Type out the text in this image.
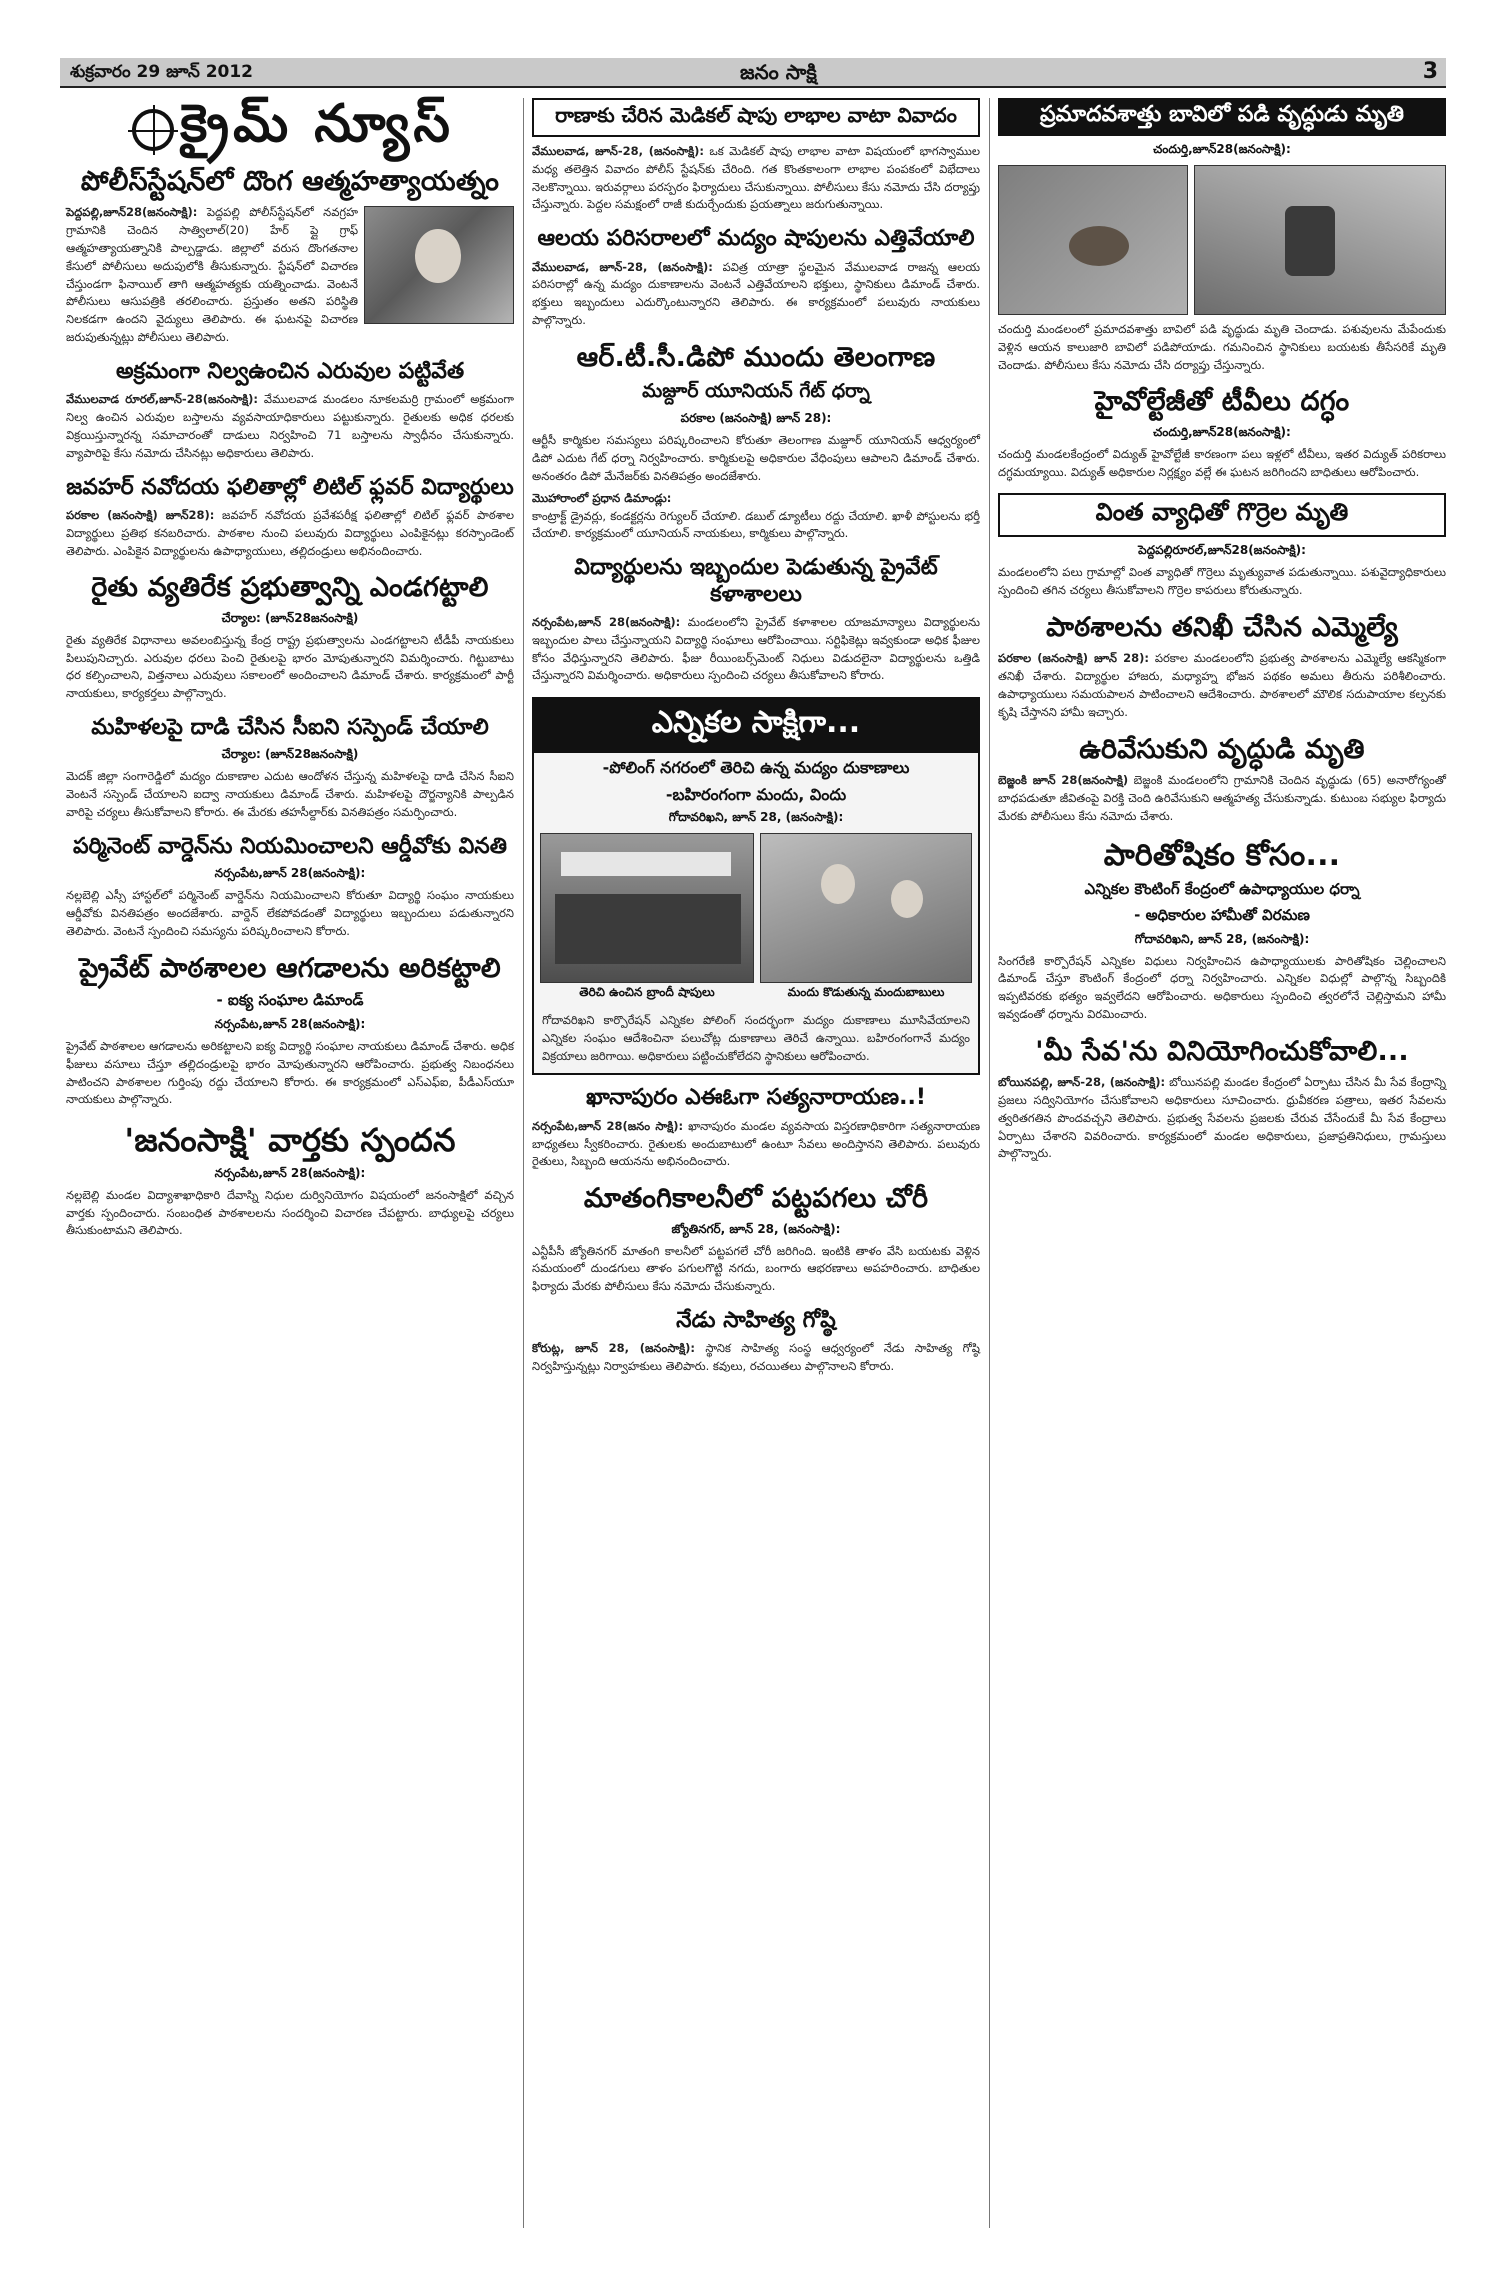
శుక్రవారం 29 జూన్ 2012	జనం సాక్షి	3
క్రైమ్ న్యూస్
పోలీస్‌స్టేషన్‌లో దొంగ ఆత్మహత్యాయత్నం
పెద్దపల్లి,జూన్28(జనంసాక్షి): పెద్దపల్లి పోలీస్‌స్టేషన్‌లో నవగ్రహ గ్రామానికి చెందిన సాత్విలాల్(20) హేర్ ప్లై గ్రాఫ్ ఆత్మహత్యాయత్నానికి పాల్పడ్డాడు. జిల్లాలో వరుస దొంగతనాల కేసులో పోలీసులు అదుపులోకి తీసుకున్నారు. స్టేషన్‌లో విచారణ చేస్తుండగా ఫినాయిల్ తాగి ఆత్మహత్యకు యత్నించాడు. వెంటనే పోలీసులు ఆసుపత్రికి తరలించారు. ప్రస్తుతం అతని పరిస్థితి నిలకడగా ఉందని వైద్యులు తెలిపారు. ఈ ఘటనపై విచారణ జరుపుతున్నట్లు పోలీసులు తెలిపారు.
అక్రమంగా నిల్వఉంచిన ఎరువుల పట్టివేత
వేములవాడ రూరల్,జూన్-28(జనంసాక్షి): వేములవాడ మండలం నూకలమర్రి గ్రామంలో అక్రమంగా నిల్వ ఉంచిన ఎరువుల బస్తాలను వ్యవసాయాధికారులు పట్టుకున్నారు. రైతులకు అధిక ధరలకు విక్రయిస్తున్నారన్న సమాచారంతో దాడులు నిర్వహించి 71 బస్తాలను స్వాధీనం చేసుకున్నారు. వ్యాపారిపై కేసు నమోదు చేసినట్లు అధికారులు తెలిపారు.
జవహర్ నవోదయ ఫలితాల్లో లిటిల్ ఫ్లవర్ విద్యార్థులు
పరకాల (జనంసాక్షి) జూన్28): జవహర్ నవోదయ ప్రవేశపరీక్ష ఫలితాల్లో లిటిల్ ఫ్లవర్ పాఠశాల విద్యార్థులు ప్రతిభ కనబరిచారు. పాఠశాల నుంచి పలువురు విద్యార్థులు ఎంపికైనట్లు కరస్పాండెంట్ తెలిపారు. ఎంపికైన విద్యార్థులను ఉపాధ్యాయులు, తల్లిదండ్రులు అభినందించారు.
రైతు వ్యతిరేక ప్రభుత్వాన్ని ఎండగట్టాలి
చేర్యాల: (జూన్28జనంసాక్షి)
రైతు వ్యతిరేక విధానాలు అవలంబిస్తున్న కేంద్ర రాష్ట్ర ప్రభుత్వాలను ఎండగట్టాలని టీడీపీ నాయకులు పిలుపునిచ్చారు. ఎరువుల ధరలు పెంచి రైతులపై భారం మోపుతున్నారని విమర్శించారు. గిట్టుబాటు ధర కల్పించాలని, విత్తనాలు ఎరువులు సకాలంలో అందించాలని డిమాండ్ చేశారు. కార్యక్రమంలో పార్టీ నాయకులు, కార్యకర్తలు పాల్గొన్నారు.
మహిళలపై దాడి చేసిన సీఐని సస్పెండ్ చేయాలి
చేర్యాల: (జూన్28జనంసాక్షి)
మెదక్ జిల్లా సంగారెడ్డిలో మద్యం దుకాణాల ఎదుట ఆందోళన చేస్తున్న మహిళలపై దాడి చేసిన సీఐని వెంటనే సస్పెండ్ చేయాలని ఐద్వా నాయకులు డిమాండ్ చేశారు. మహిళలపై దౌర్జన్యానికి పాల్పడిన వారిపై చర్యలు తీసుకోవాలని కోరారు. ఈ మేరకు తహసీల్దార్‌కు వినతిపత్రం సమర్పించారు.
పర్మినెంట్ వార్డెన్‌ను నియమించాలని ఆర్డీవోకు వినతి
నర్సంపేట,జూన్ 28(జనంసాక్షి):
నల్లబెల్లి ఎస్సీ హాస్టల్‌లో పర్మినెంట్ వార్డెన్‌ను నియమించాలని కోరుతూ విద్యార్థి సంఘం నాయకులు ఆర్డీవోకు వినతిపత్రం అందజేశారు. వార్డెన్ లేకపోవడంతో విద్యార్థులు ఇబ్బందులు పడుతున్నారని తెలిపారు. వెంటనే స్పందించి సమస్యను పరిష్కరించాలని కోరారు.
ప్రైవేట్ పాఠశాలల ఆగడాలను అరికట్టాలి
- ఐక్య సంఘాల డిమాండ్
నర్సంపేట,జూన్ 28(జనంసాక్షి):
ప్రైవేట్ పాఠశాలల ఆగడాలను అరికట్టాలని ఐక్య విద్యార్థి సంఘాల నాయకులు డిమాండ్ చేశారు. అధిక ఫీజులు వసూలు చేస్తూ తల్లిదండ్రులపై భారం మోపుతున్నారని ఆరోపించారు. ప్రభుత్వ నిబంధనలు పాటించని పాఠశాలల గుర్తింపు రద్దు చేయాలని కోరారు. ఈ కార్యక్రమంలో ఎస్‌ఎఫ్‌ఐ, పీడీఎస్‌యూ నాయకులు పాల్గొన్నారు.
'జనంసాక్షి' వార్తకు స్పందన
నర్సంపేట,జూన్ 28(జనంసాక్షి):
నల్లబెల్లి మండల విద్యాశాఖాధికారి దేవాస్ని నిధుల దుర్వినియోగం విషయంలో జనంసాక్షిలో వచ్చిన వార్తకు స్పందించారు. సంబంధిత పాఠశాలలను సందర్శించి విచారణ చేపట్టారు. బాధ్యులపై చర్యలు తీసుకుంటామని తెలిపారు.
రాణాకు చేరిన మెడికల్ షాపు లాభాల వాటా వివాదం
వేములవాడ, జూన్-28, (జనంసాక్షి): ఒక మెడికల్ షాపు లాభాల వాటా విషయంలో భాగస్వాముల మధ్య తలెత్తిన వివాదం పోలీస్ స్టేషన్‌కు చేరింది. గత కొంతకాలంగా లాభాల పంపకంలో విభేదాలు నెలకొన్నాయి. ఇరువర్గాలు పరస్పరం ఫిర్యాదులు చేసుకున్నాయి. పోలీసులు కేసు నమోదు చేసి దర్యాప్తు చేస్తున్నారు. పెద్దల సమక్షంలో రాజీ కుదుర్చేందుకు ప్రయత్నాలు జరుగుతున్నాయి.
ఆలయ పరిసరాలలో మద్యం షాపులను ఎత్తివేయాలి
వేములవాడ, జూన్-28, (జనంసాక్షి): పవిత్ర యాత్రా స్థలమైన వేములవాడ రాజన్న ఆలయ పరిసరాల్లో ఉన్న మద్యం దుకాణాలను వెంటనే ఎత్తివేయాలని భక్తులు, స్థానికులు డిమాండ్ చేశారు. భక్తులు ఇబ్బందులు ఎదుర్కొంటున్నారని తెలిపారు. ఈ కార్యక్రమంలో పలువురు నాయకులు పాల్గొన్నారు.
ఆర్.టీ.సీ.డిపో ముందు తెలంగాణ
మజ్దూర్ యూనియన్ గేట్ ధర్నా
పరకాల (జనంసాక్షి) జూన్ 28):
ఆర్టీసీ కార్మికుల సమస్యలు పరిష్కరించాలని కోరుతూ తెలంగాణ మజ్దూర్ యూనియన్ ఆధ్వర్యంలో డిపో ఎదుట గేట్ ధర్నా నిర్వహించారు. కార్మికులపై అధికారుల వేధింపులు ఆపాలని డిమాండ్ చేశారు. అనంతరం డిపో మేనేజర్‌కు వినతిపత్రం అందజేశారు.
మొహారాంలో ప్రధాన డిమాండ్లు:
కాంట్రాక్ట్ డ్రైవర్లు, కండక్టర్లను రెగ్యులర్ చేయాలి. డబుల్ డ్యూటీలు రద్దు చేయాలి. ఖాళీ పోస్టులను భర్తీ చేయాలి. కార్యక్రమంలో యూనియన్ నాయకులు, కార్మికులు పాల్గొన్నారు.
విద్యార్థులను ఇబ్బందుల పెడుతున్న ప్రైవేట్ కళాశాలలు
నర్సంపేట,జూన్ 28(జనంసాక్షి): మండలంలోని ప్రైవేట్ కళాశాలల యాజమాన్యాలు విద్యార్థులను ఇబ్బందుల పాలు చేస్తున్నాయని విద్యార్థి సంఘాలు ఆరోపించాయి. సర్టిఫికెట్లు ఇవ్వకుండా అధిక ఫీజుల కోసం వేధిస్తున్నారని తెలిపారు. ఫీజు రీయింబర్స్‌మెంట్ నిధులు విడుదలైనా విద్యార్థులను ఒత్తిడి చేస్తున్నారని విమర్శించారు. అధికారులు స్పందించి చర్యలు తీసుకోవాలని కోరారు.
ఎన్నికల సాక్షిగా...
-పోలింగ్ నగరంలో తెరిచి ఉన్న మద్యం దుకాణాలు
-బహిరంగంగా మందు, విందు
గోదావరిఖని, జూన్ 28, (జనంసాక్షి):
తెరిచి ఉంచిన బ్రాందీ షాపులు	మందు కొడుతున్న మందుబాబులు
గోదావరిఖని కార్పొరేషన్ ఎన్నికల పోలింగ్ సందర్భంగా మద్యం దుకాణాలు మూసివేయాలని ఎన్నికల సంఘం ఆదేశించినా పలుచోట్ల దుకాణాలు తెరిచే ఉన్నాయి. బహిరంగంగానే మద్యం విక్రయాలు జరిగాయి. అధికారులు పట్టించుకోలేదని స్థానికులు ఆరోపించారు.
ఖానాపురం ఎఈఓగా సత్యనారాయణ..!
నర్సంపేట,జూన్ 28(జనం సాక్షి): ఖానాపురం మండల వ్యవసాయ విస్తరణాధికారిగా సత్యనారాయణ బాధ్యతలు స్వీకరించారు. రైతులకు అందుబాటులో ఉంటూ సేవలు అందిస్తానని తెలిపారు. పలువురు రైతులు, సిబ్బంది ఆయనను అభినందించారు.
మాతంగికాలనీలో పట్టపగలు చోరీ
జ్యోతినగర్, జూన్ 28, (జనంసాక్షి):
ఎన్టీపీసీ జ్యోతినగర్ మాతంగి కాలనీలో పట్టపగలే చోరీ జరిగింది. ఇంటికి తాళం వేసి బయటకు వెళ్లిన సమయంలో దుండగులు తాళం పగులగొట్టి నగదు, బంగారు ఆభరణాలు అపహరించారు. బాధితుల ఫిర్యాదు మేరకు పోలీసులు కేసు నమోదు చేసుకున్నారు.
నేడు సాహిత్య గోష్ఠి
కోరుట్ల, జూన్ 28, (జనంసాక్షి): స్థానిక సాహిత్య సంస్థ ఆధ్వర్యంలో నేడు సాహిత్య గోష్ఠి నిర్వహిస్తున్నట్లు నిర్వాహకులు తెలిపారు. కవులు, రచయితలు పాల్గొనాలని కోరారు.
ప్రమాదవశాత్తు బావిలో పడి వృద్ధుడు మృతి
చందుర్తి,జూన్28(జనంసాక్షి):
చందుర్తి మండలంలో ప్రమాదవశాత్తు బావిలో పడి వృద్ధుడు మృతి చెందాడు. పశువులను మేపేందుకు వెళ్లిన ఆయన కాలుజారి బావిలో పడిపోయాడు. గమనించిన స్థానికులు బయటకు తీసేసరికే మృతి చెందాడు. పోలీసులు కేసు నమోదు చేసి దర్యాప్తు చేస్తున్నారు.
హైవోల్టేజీతో టీవీలు దగ్ధం
చందుర్తి,జూన్28(జనంసాక్షి):
చందుర్తి మండలకేంద్రంలో విద్యుత్ హైవోల్టేజీ కారణంగా పలు ఇళ్లలో టీవీలు, ఇతర విద్యుత్ పరికరాలు దగ్ధమయ్యాయి. విద్యుత్ అధికారుల నిర్లక్ష్యం వల్లే ఈ ఘటన జరిగిందని బాధితులు ఆరోపించారు.
వింత వ్యాధితో గొర్రెల మృతి
పెద్దపల్లిరూరల్,జూన్28(జనంసాక్షి):
మండలంలోని పలు గ్రామాల్లో వింత వ్యాధితో గొర్రెలు మృత్యువాత పడుతున్నాయి. పశువైద్యాధికారులు స్పందించి తగిన చర్యలు తీసుకోవాలని గొర్రెల కాపరులు కోరుతున్నారు.
పాఠశాలను తనిఖీ చేసిన ఎమ్మెల్యే
పరకాల (జనంసాక్షి) జూన్ 28): పరకాల మండలంలోని ప్రభుత్వ పాఠశాలను ఎమ్మెల్యే ఆకస్మికంగా తనిఖీ చేశారు. విద్యార్థుల హాజరు, మధ్యాహ్న భోజన పథకం అమలు తీరును పరిశీలించారు. ఉపాధ్యాయులు సమయపాలన పాటించాలని ఆదేశించారు. పాఠశాలలో మౌలిక సదుపాయాల కల్పనకు కృషి చేస్తానని హామీ ఇచ్చారు.
ఉరివేసుకుని వృద్ధుడి మృతి
బెజ్జంకి జూన్ 28(జనంసాక్షి) బెజ్జంకి మండలంలోని గ్రామానికి చెందిన వృద్ధుడు (65) అనారోగ్యంతో బాధపడుతూ జీవితంపై విరక్తి చెంది ఉరివేసుకుని ఆత్మహత్య చేసుకున్నాడు. కుటుంబ సభ్యుల ఫిర్యాదు మేరకు పోలీసులు కేసు నమోదు చేశారు.
పారితోషికం కోసం...
ఎన్నికల కౌంటింగ్ కేంద్రంలో ఉపాధ్యాయుల ధర్నా
- అధికారుల హామీతో విరమణ
గోదావరిఖని, జూన్ 28, (జనంసాక్షి):
సింగరేణి కార్పొరేషన్ ఎన్నికల విధులు నిర్వహించిన ఉపాధ్యాయులకు పారితోషికం చెల్లించాలని డిమాండ్ చేస్తూ కౌంటింగ్ కేంద్రంలో ధర్నా నిర్వహించారు. ఎన్నికల విధుల్లో పాల్గొన్న సిబ్బందికి ఇప్పటివరకు భత్యం ఇవ్వలేదని ఆరోపించారు. అధికారులు స్పందించి త్వరలోనే చెల్లిస్తామని హామీ ఇవ్వడంతో ధర్నాను విరమించారు.
'మీ సేవ'ను వినియోగించుకోవాలి...
బోయినపల్లి, జూన్-28, (జనంసాక్షి): బోయినపల్లి మండల కేంద్రంలో ఏర్పాటు చేసిన మీ సేవ కేంద్రాన్ని ప్రజలు సద్వినియోగం చేసుకోవాలని అధికారులు సూచించారు. ధ్రువీకరణ పత్రాలు, ఇతర సేవలను త్వరితగతిన పొందవచ్చని తెలిపారు. ప్రభుత్వ సేవలను ప్రజలకు చేరువ చేసేందుకే మీ సేవ కేంద్రాలు ఏర్పాటు చేశారని వివరించారు. కార్యక్రమంలో మండల అధికారులు, ప్రజాప్రతినిధులు, గ్రామస్తులు పాల్గొన్నారు.
